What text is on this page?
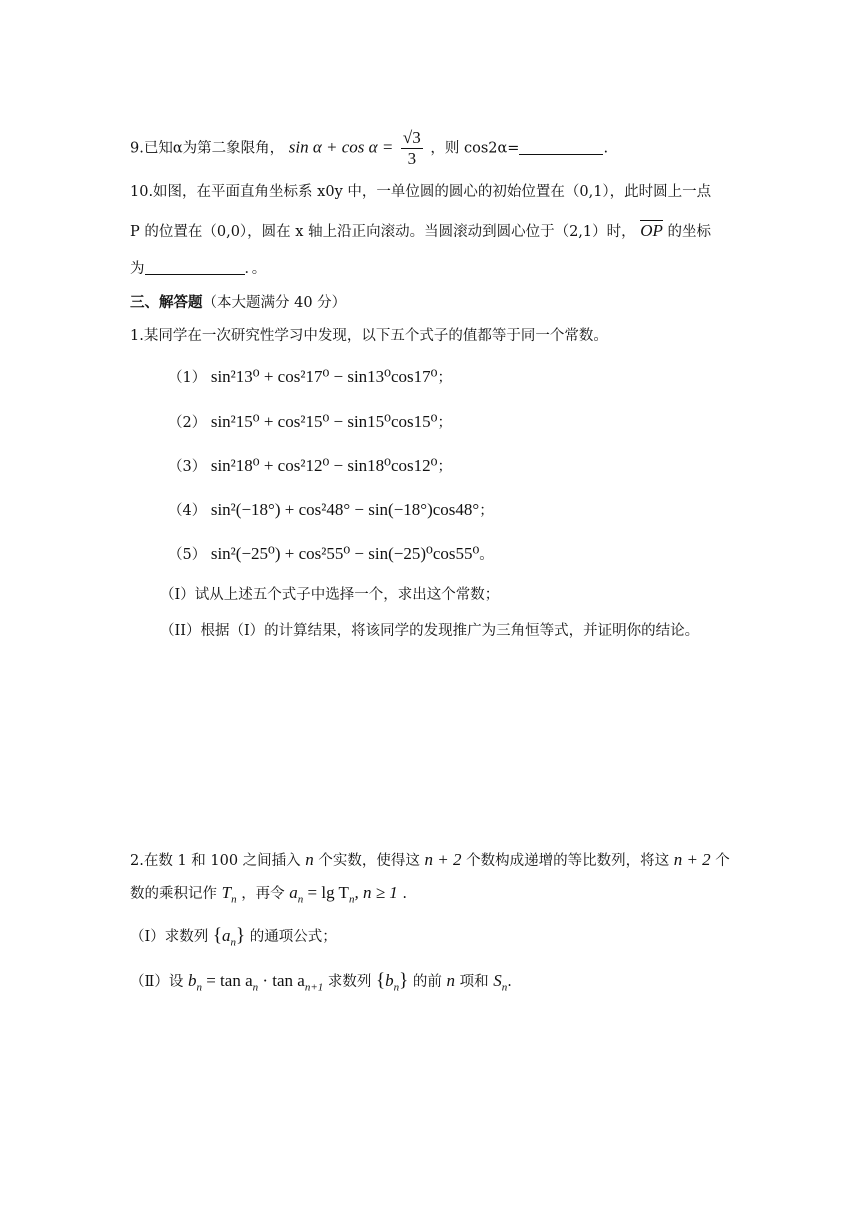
9.已知α为第二象限角， $\sin \alpha + \cos \alpha = \frac{√3}{3}$ ，则 cos2α=	.
10.如图，在平面直角坐标系 x0y 中，一单位圆的圆心的初始位置在（0,1），此时圆上一点
P 的位置在（0,0），圆在 x 轴上沿正向滚动。当圆滚动到圆心位于（2,1）时， OP 的坐标
为	．。
三、解答题（本大题满分 40 分）
1.某同学在一次研究性学习中发现，以下五个式子的值都等于同一个常数。
（1） sin²13⁰ + cos²17⁰ − sin13⁰cos17⁰；
（2） sin²15⁰ + cos²15⁰ − sin15⁰cos15⁰；
（3） sin²18⁰ + cos²12⁰ − sin18⁰cos12⁰；
（4） sin²(−18°) + cos²48° − sin(−18°)cos48°；
（5） sin²(−25⁰) + cos²55⁰ − sin(−25)⁰cos55⁰。
（I）试从上述五个式子中选择一个，求出这个常数；
（II）根据（Ⅰ）的计算结果，将该同学的发现推广为三角恒等式，并证明你的结论。
2.在数 1 和 100 之间插入 n 个实数，使得这 n + 2 个数构成递增的等比数列，将这 n + 2 个
数的乘积记作 $T_n$ ，再令 $a_n = \lg T_n$, n ≥ 1 .
（Ⅰ）求数列 $\{a_n\}$ 的通项公式；
（Ⅱ）设 $b_n = \tan a_n \cdot \tan a_{n+1}$ 求数列 $\{b_n\}$ 的前 n 项和 $S_n$.
